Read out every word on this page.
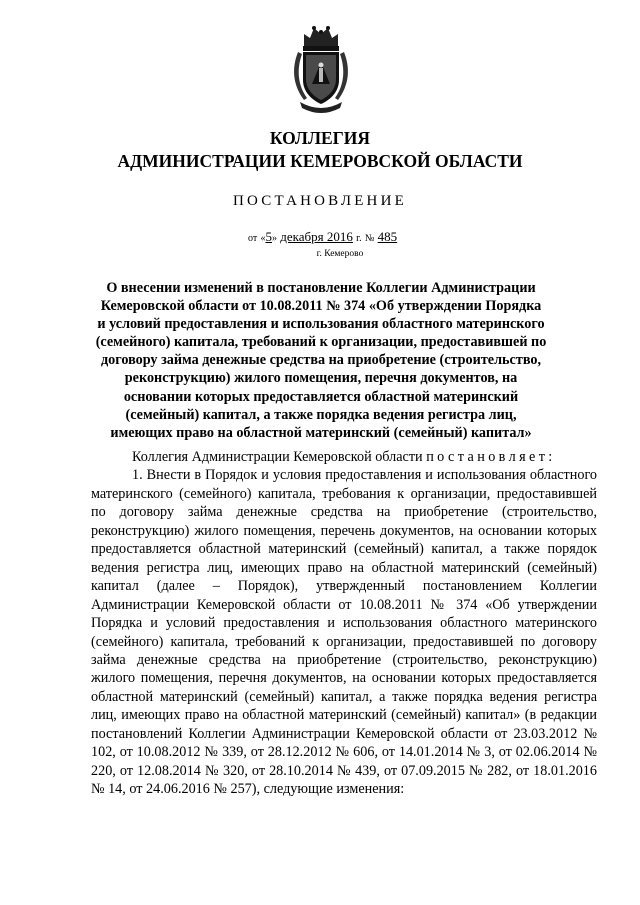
КОЛЛЕГИЯ
АДМИНИСТРАЦИИ КЕМЕРОВСКОЙ ОБЛАСТИ
ПОСТАНОВЛЕНИЕ
от «5» декабря 2016 г. № 485
г. Кемерово
О внесении изменений в постановление Коллегии Администрации Кемеровской области от 10.08.2011 № 374 «Об утверждении Порядка и условий предоставления и использования областного материнского (семейного) капитала, требований к организации, предоставившей по договору займа денежные средства на приобретение (строительство, реконструкцию) жилого помещения, перечня документов, на основании которых предоставляется областной материнский (семейный) капитал, а также порядка ведения регистра лиц, имеющих право на областной материнский (семейный) капитал»

Коллегия Администрации Кемеровской области постановляет:

1. Внести в Порядок и условия предоставления и использования областного материнского (семейного) капитала, требования к организации, предоставившей по договору займа денежные средства на приобретение (строительство, реконструкцию) жилого помещения, перечень документов, на основании которых предоставляется областной материнский (семейный) капитал, а также порядок ведения регистра лиц, имеющих право на областной материнский (семейный) капитал (далее – Порядок), утвержденный постановлением Коллегии Администрации Кемеровской области от 10.08.2011 № 374 «Об утверждении Порядка и условий предоставления и использования областного материнского (семейного) капитала, требований к организации, предоставившей по договору займа денежные средства на приобретение (строительство, реконструкцию) жилого помещения, перечня документов, на основании которых предоставляется областной материнский (семейный) капитал, а также порядка ведения регистра лиц, имеющих право на областной материнский (семейный) капитал» (в редакции постановлений Коллегии Администрации Кемеровской области от 23.03.2012 № 102, от 10.08.2012 № 339, от 28.12.2012 № 606, от 14.01.2014 № 3, от 02.06.2014 № 220, от 12.08.2014 № 320, от 28.10.2014 № 439, от 07.09.2015 № 282, от 18.01.2016 № 14, от 24.06.2016 № 257), следующие изменения:
